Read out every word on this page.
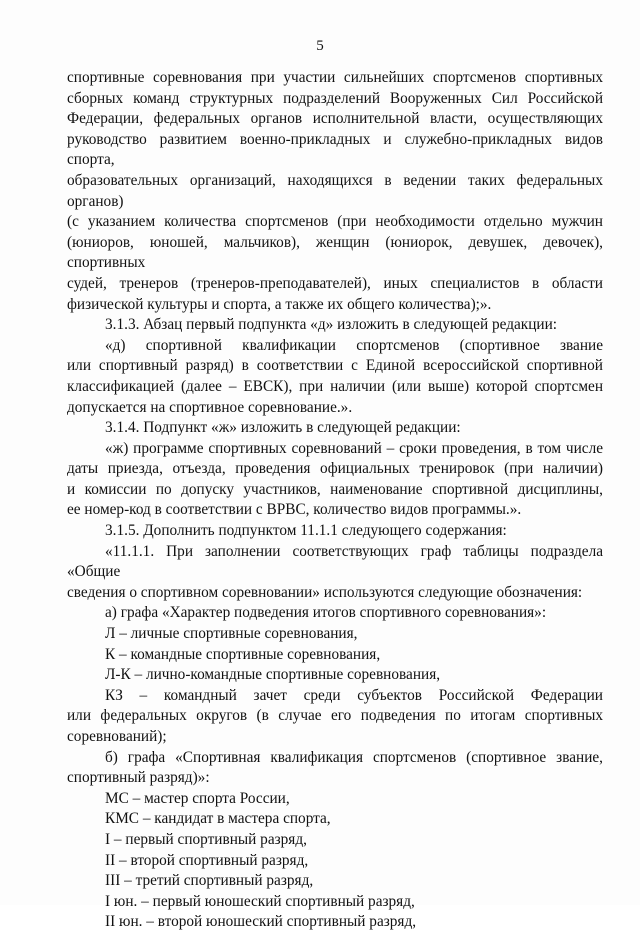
5

спортивные соревнования при участии сильнейших спортсменов спортивных
сборных команд структурных подразделений Вооруженных Сил Российской
Федерации, федеральных органов исполнительной власти, осуществляющих
руководство развитием военно-прикладных и служебно-прикладных видов спорта,
образовательных организаций, находящихся в ведении таких федеральных органов)
(с указанием количества спортсменов (при необходимости отдельно мужчин
(юниоров, юношей, мальчиков), женщин (юниорок, девушек, девочек), спортивных
судей, тренеров (тренеров-преподавателей), иных специалистов в области
физической культуры и спорта, а также их общего количества);».

3.1.3. Абзац первый подпункта «д» изложить в следующей редакции:

«д) спортивной квалификации спортсменов (спортивное звание
или спортивный разряд) в соответствии с Единой всероссийской спортивной
классификацией (далее – ЕВСК), при наличии (или выше) которой спортсмен
допускается на спортивное соревнование.».

3.1.4. Подпункт «ж» изложить в следующей редакции:

«ж) программе спортивных соревнований – сроки проведения, в том числе
даты приезда, отъезда, проведения официальных тренировок (при наличии)
и комиссии по допуску участников, наименование спортивной дисциплины,
ее номер-код в соответствии с ВРВС, количество видов программы.».

3.1.5. Дополнить подпунктом 11.1.1 следующего содержания:

«11.1.1. При заполнении соответствующих граф таблицы подраздела «Общие
сведения о спортивном соревновании» используются следующие обозначения:

а) графа «Характер подведения итогов спортивного соревнования»:

Л – личные спортивные соревнования,

К – командные спортивные соревнования,

Л-К – лично-командные спортивные соревнования,

КЗ – командный зачет среди субъектов Российской Федерации
или федеральных округов (в случае его подведения по итогам спортивных
соревнований);

б) графа «Спортивная квалификация спортсменов (спортивное звание,
спортивный разряд)»:

МС – мастер спорта России,

КМС – кандидат в мастера спорта,

I – первый спортивный разряд,

II – второй спортивный разряд,

III – третий спортивный разряд,

I юн. – первый юношеский спортивный разряд,

II юн. – второй юношеский спортивный разряд,
